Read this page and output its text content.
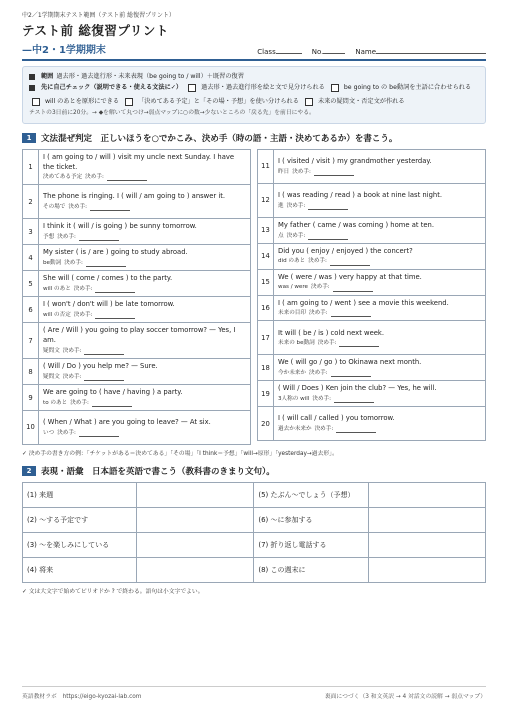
中2／1学期期末テスト範囲（テスト前 総復習プリント）
テスト前 総復習プリント
—中2・1学期期末	Class	No.	Name
範囲 過去形・過去進行形・未来表現（be going to / will）＋既習の復習
先に自己チェック（説明できる・使える文法に✓）	過去形・過去進行形を絵と文で見分けられる	be going to の be動詞を主語に合わせられる
will のあとを原形にできる	「決めてある予定」と「その場・予想」を使い分けられる	未来の疑問文・否定文が作れる
テストの3日前に20分。→ ◆を解いて丸つけ→弱点マップに○の数→少ないところの「戻る先」を前日にやる。
1	文法混ぜ判定　正しいほうを○でかこみ、決め手（時の語・主語・決めてあるか）を書こう。
1	I ( am going to / will ) visit my uncle next Sunday. I have the ticket.
決めてある予定 決め手:

2	The phone is ringing. I ( will / am going to ) answer it.
その場で 決め手:

3	I think it ( will / is going ) be sunny tomorrow.
予想 決め手:

4	My sister ( is / are ) going to study abroad.
be動詞 決め手:

5	She will ( come / comes ) to the party.
will のあと 決め手:

6	I ( won't / don't will ) be late tomorrow.
will の否定 決め手:

7	( Are / Will ) you going to play soccer tomorrow? — Yes, I am.
疑問文 決め手:

8	( Will / Do ) you help me? — Sure.
疑問文 決め手:

9	We are going to ( have / having ) a party.
to のあと 決め手:

10	( When / What ) are you going to leave? — At six.
いつ 決め手:
11	I ( visited / visit ) my grandmother yesterday.
昨日 決め手:

12	I ( was reading / read ) a book at nine last night.
進 決め手:

13	My father ( came / was coming ) home at ten.
点 決め手:

14	Did you ( enjoy / enjoyed ) the concert?
did のあと 決め手:

15	We ( were / was ) very happy at that time.
was / were 決め手:

16	I ( am going to / went ) see a movie this weekend.
未来の目印 決め手:

17	It will ( be / is ) cold next week.
未来の be動詞 決め手:

18	We ( will go / go ) to Okinawa next month.
今か未来か 決め手:

19	( Will / Does ) Ken join the club? — Yes, he will.
3人称の will 決め手:

20	I ( will call / called ) you tomorrow.
過去か未来か 決め手:
✓ 決め手の書き方の例：「チケットがある＝決めてある」「その場」「I think＝予想」「will→原形」「yesterday→過去形」。
2	表現・語彙　日本語を英語で書こう（教科書のきまり文句）。
(1) 来週		(5) たぶん～でしょう（予想）	
(2) ～する予定です		(6) ～に参加する	
(3) ～を楽しみにしている		(7) 折り返し電話する	
(4) 将来		(8) この週末に	
✓ 文は大文字で始めてピリオドか ? で終わる。語句は小文字でよい。
英語教材ラボ　https://eigo-kyozai-lab.com	裏面につづく（3 和文英訳 → 4 対話文の読解 → 弱点マップ）
